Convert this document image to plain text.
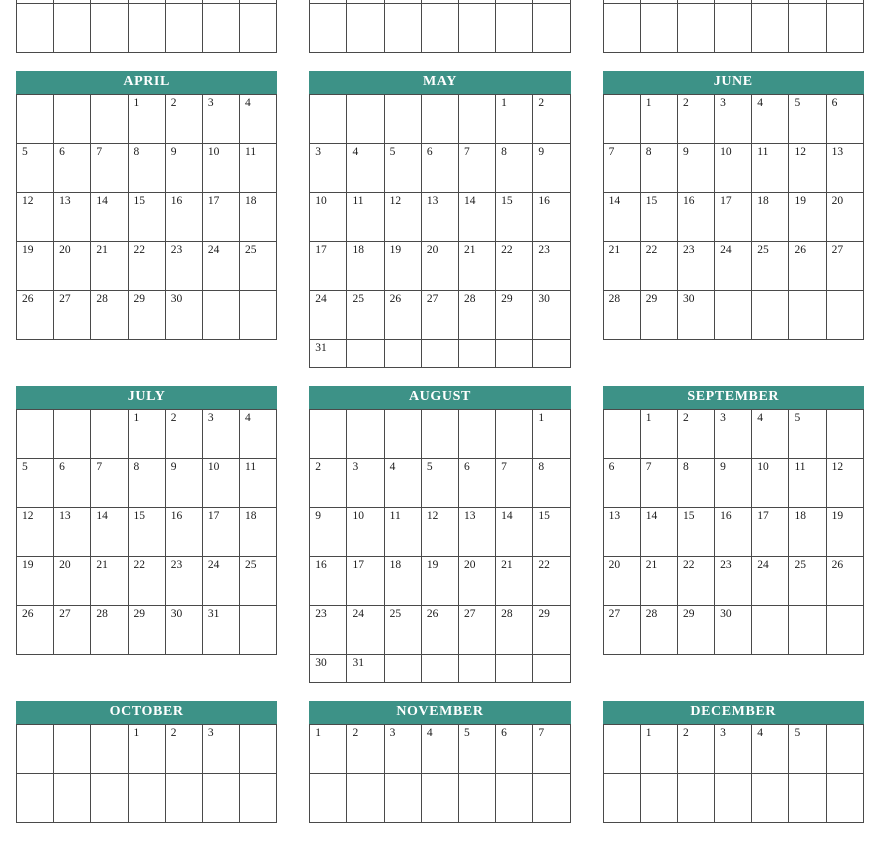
APRIL
			1	2	3	4
5	6	7	8	9	10	11
12	13	14	15	16	17	18
19	20	21	22	23	24	25
26	27	28	29	30		
MAY
					1	2
3	4	5	6	7	8	9
10	11	12	13	14	15	16
17	18	19	20	21	22	23
24	25	26	27	28	29	30
31						
JUNE
	1	2	3	4	5	6
7	8	9	10	11	12	13
14	15	16	17	18	19	20
21	22	23	24	25	26	27
28	29	30				
JULY
			1	2	3	4
5	6	7	8	9	10	11
12	13	14	15	16	17	18
19	20	21	22	23	24	25
26	27	28	29	30	31	
AUGUST
						1
2	3	4	5	6	7	8
9	10	11	12	13	14	15
16	17	18	19	20	21	22
23	24	25	26	27	28	29
30	31					
SEPTEMBER
	1	2	3	4	5	
6	7	8	9	10	11	12
13	14	15	16	17	18	19
20	21	22	23	24	25	26
27	28	29	30			
OCTOBER
			1	2	3	

NOVEMBER
1	2	3	4	5	6	7

DECEMBER
	1	2	3	4	5	
